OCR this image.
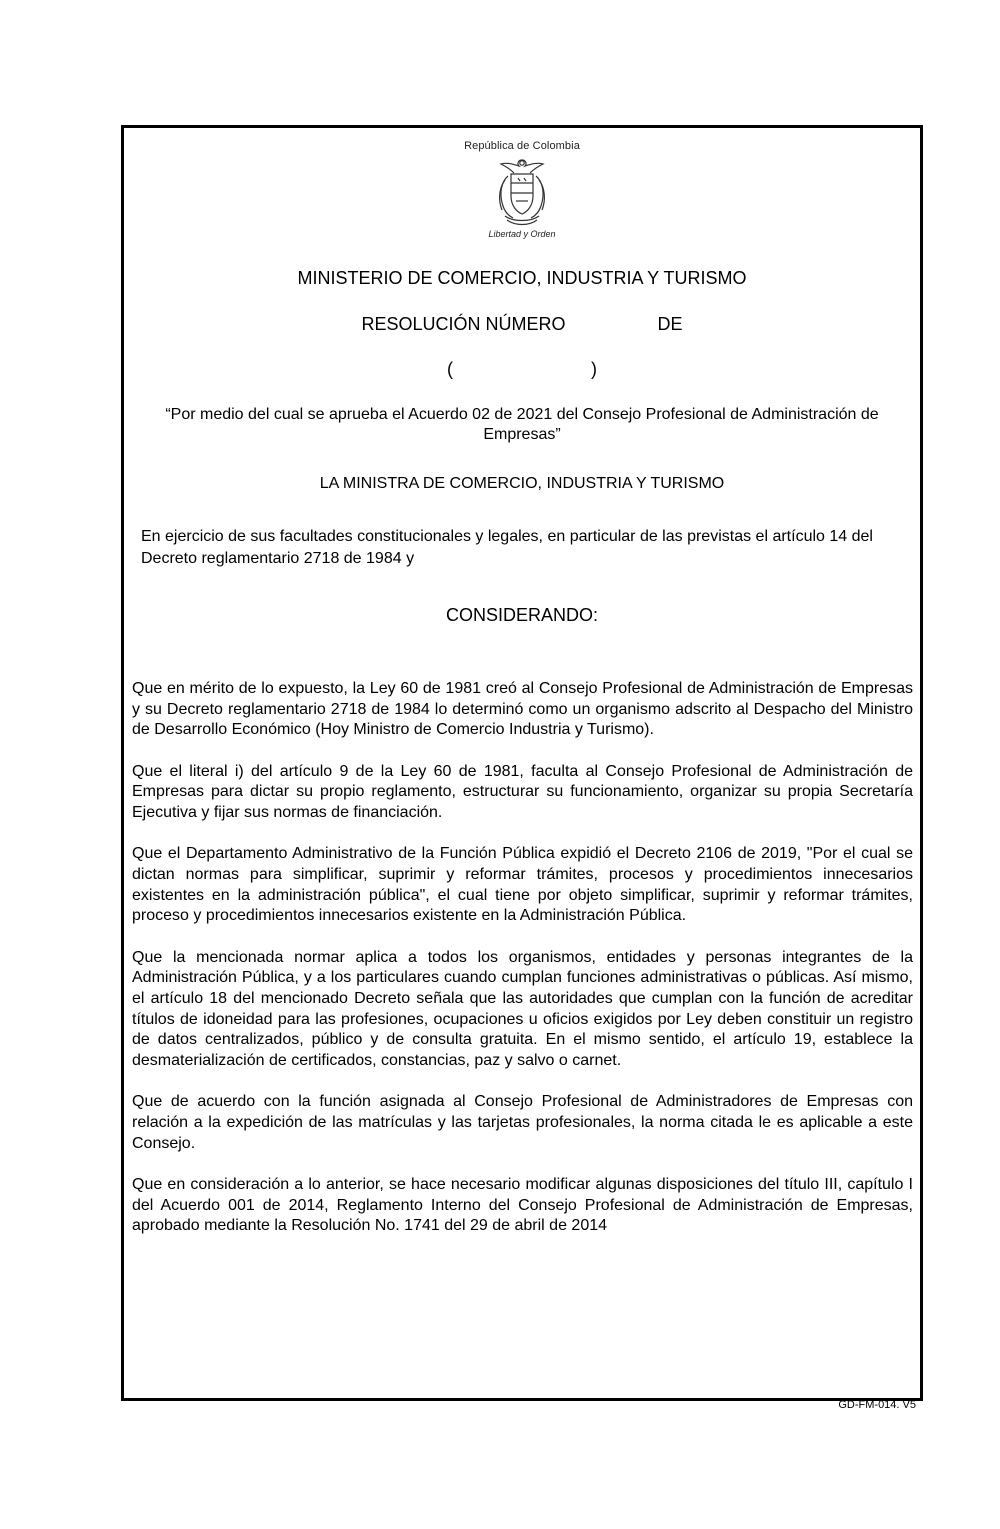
República de Colombia
Libertad y Orden
MINISTERIO DE COMERCIO, INDUSTRIA Y TURISMO
RESOLUCIÓN NÚMERO	DE
(	)
“Por medio del cual se aprueba el Acuerdo 02 de 2021 del Consejo Profesional de Administración de Empresas”
LA MINISTRA DE COMERCIO, INDUSTRIA Y TURISMO
En ejercicio de sus facultades constitucionales y legales, en particular de las previstas el artículo 14 del Decreto reglamentario 2718 de 1984 y
CONSIDERANDO:

Que en mérito de lo expuesto, la Ley 60 de 1981 creó al Consejo Profesional de Administración de Empresas y su Decreto reglamentario 2718 de 1984 lo determinó como un organismo adscrito al Despacho del Ministro de Desarrollo Económico (Hoy Ministro de Comercio Industria y Turismo).

Que el literal i) del artículo 9 de la Ley 60 de 1981, faculta al Consejo Profesional de Administración de Empresas para dictar su propio reglamento, estructurar su funcionamiento, organizar su propia Secretaría Ejecutiva y fijar sus normas de financiación.

Que el Departamento Administrativo de la Función Pública expidió el Decreto 2106 de 2019, "Por el cual se dictan normas para simplificar, suprimir y reformar trámites, procesos y procedimientos innecesarios existentes en la administración pública", el cual tiene por objeto simplificar, suprimir y reformar trámites, proceso y procedimientos innecesarios existente en la Administración Pública.

Que la mencionada normar aplica a todos los organismos, entidades y personas integrantes de la Administración Pública, y a los particulares cuando cumplan funciones administrativas o públicas. Así mismo, el artículo 18 del mencionado Decreto señala que las autoridades que cumplan con la función de acreditar títulos de idoneidad para las profesiones, ocupaciones u oficios exigidos por Ley deben constituir un registro de datos centralizados, público y de consulta gratuita. En el mismo sentido, el artículo 19, establece la desmaterialización de certificados, constancias, paz y salvo o carnet.

Que de acuerdo con la función asignada al Consejo Profesional de Administradores de Empresas con relación a la expedición de las matrículas y las tarjetas profesionales, la norma citada le es aplicable a este Consejo.

Que en consideración a lo anterior, se hace necesario modificar algunas disposiciones del título III, capítulo I del Acuerdo 001 de 2014, Reglamento Interno del Consejo Profesional de Administración de Empresas, aprobado mediante la Resolución No. 1741 del 29 de abril de 2014

GD-FM-014. V5
